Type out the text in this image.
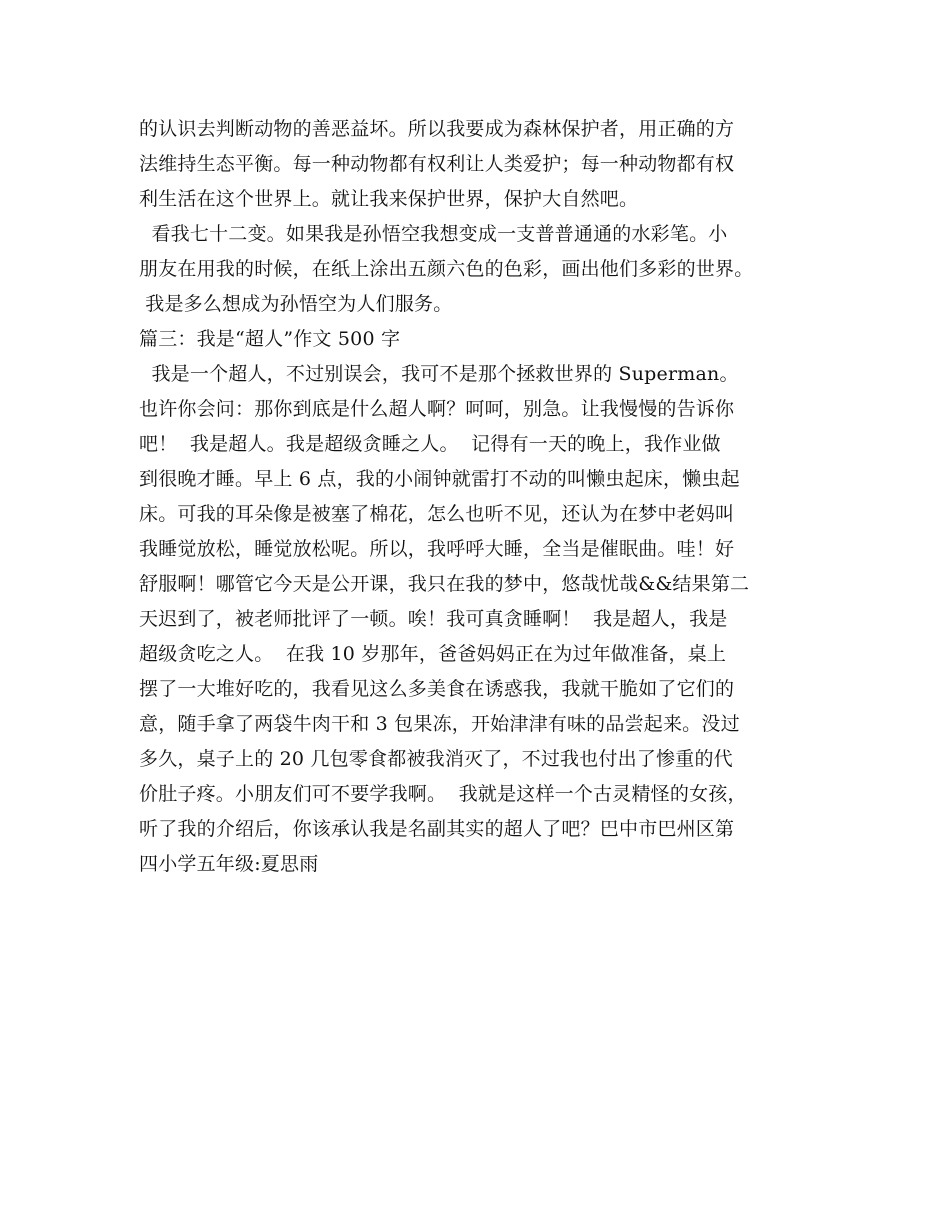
的认识去判断动物的善恶益坏。所以我要成为森林保护者，用正确的方
法维持生态平衡。每一种动物都有权利让人类爱护；每一种动物都有权
利生活在这个世界上。就让我来保护世界，保护大自然吧。
看我七十二变。如果我是孙悟空我想变成一支普普通通的水彩笔。小
朋友在用我的时候，在纸上涂出五颜六色的色彩，画出他们多彩的世界。
我是多么想成为孙悟空为人们服务。
篇三：我是“超人”作文 500 字
我是一个超人，不过别误会，我可不是那个拯救世界的 Superman。
也许你会问：那你到底是什么超人啊？呵呵，别急。让我慢慢的告诉你
吧！  我是超人。我是超级贪睡之人。  记得有一天的晚上，我作业做
到很晚才睡。早上 6 点，我的小闹钟就雷打不动的叫懒虫起床，懒虫起
床。可我的耳朵像是被塞了棉花，怎么也听不见，还认为在梦中老妈叫
我睡觉放松，睡觉放松呢。所以，我呼呼大睡，全当是催眠曲。哇！好
舒服啊！哪管它今天是公开课，我只在我的梦中，悠哉忧哉&&结果第二
天迟到了，被老师批评了一顿。唉！我可真贪睡啊！  我是超人，我是
超级贪吃之人。  在我 10 岁那年，爸爸妈妈正在为过年做准备，桌上
摆了一大堆好吃的，我看见这么多美食在诱惑我，我就干脆如了它们的
意，随手拿了两袋牛肉干和 3 包果冻，开始津津有味的品尝起来。没过
多久，桌子上的 20 几包零食都被我消灭了，不过我也付出了惨重的代
价肚子疼。小朋友们可不要学我啊。  我就是这样一个古灵精怪的女孩，
听了我的介绍后，你该承认我是名副其实的超人了吧？巴中市巴州区第
四小学五年级:夏思雨
